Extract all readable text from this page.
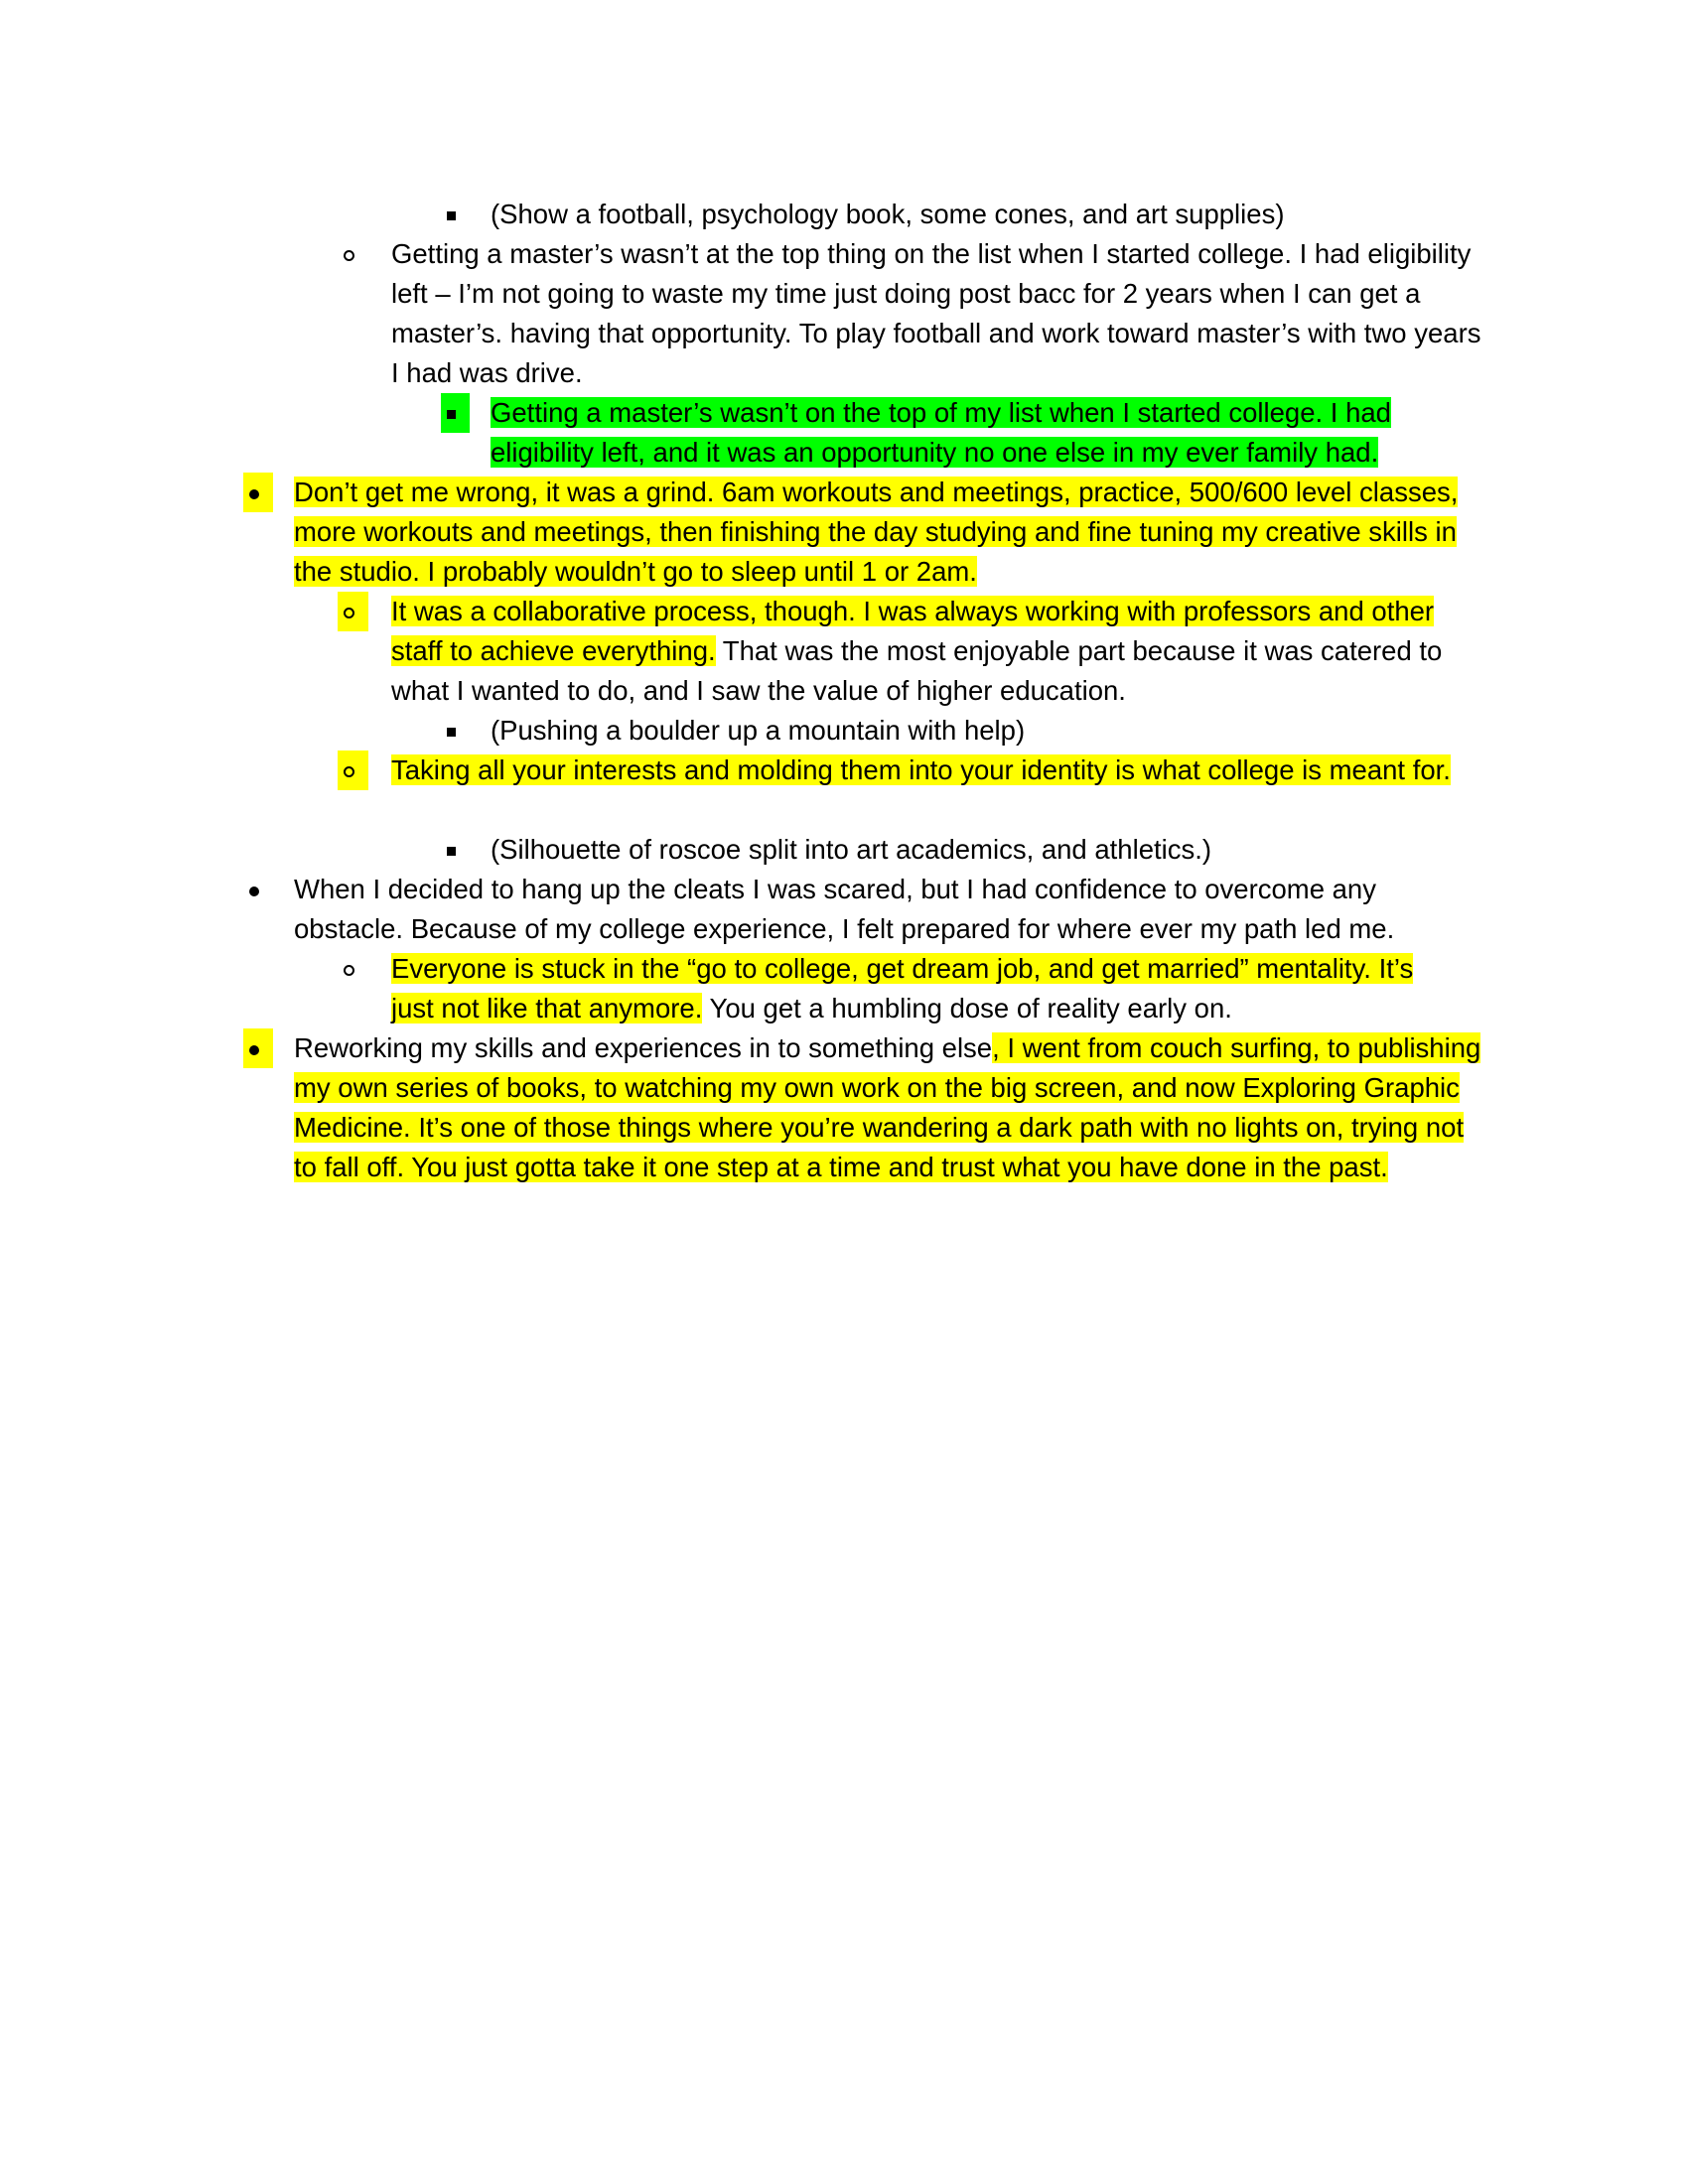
(Show a football, psychology book, some cones, and art supplies)
Getting a master’s wasn’t at the top thing on the list when I started college. I had eligibility left – I’m not going to waste my time just doing post bacc for 2 years when I can get a master’s. having that opportunity. To play football and work toward master’s with two years I had was drive.
Getting a master’s wasn’t on the top of my list when I started college. I had eligibility left, and it was an opportunity no one else in my ever family had.
Don’t get me wrong, it was a grind. 6am workouts and meetings, practice, 500/600 level classes, more workouts and meetings, then finishing the day studying and fine tuning my creative skills in the studio. I probably wouldn’t go to sleep until 1 or 2am.
It was a collaborative process, though. I was always working with professors and other staff to achieve everything. That was the most enjoyable part because it was catered to what I wanted to do, and I saw the value of higher education.
(Pushing a boulder up a mountain with help)
Taking all your interests and molding them into your identity is what college is meant for.
(Silhouette of roscoe split into art academics, and athletics.)
When I decided to hang up the cleats I was scared, but I had confidence to overcome any obstacle. Because of my college experience, I felt prepared for where ever my path led me.
Everyone is stuck in the “go to college, get dream job, and get married” mentality. It’s just not like that anymore. You get a humbling dose of reality early on.
Reworking my skills and experiences in to something else, I went from couch surfing, to publishing my own series of books, to watching my own work on the big screen, and now Exploring Graphic Medicine. It’s one of those things where you’re wandering a dark path with no lights on, trying not to fall off. You just gotta take it one step at a time and trust what you have done in the past.
